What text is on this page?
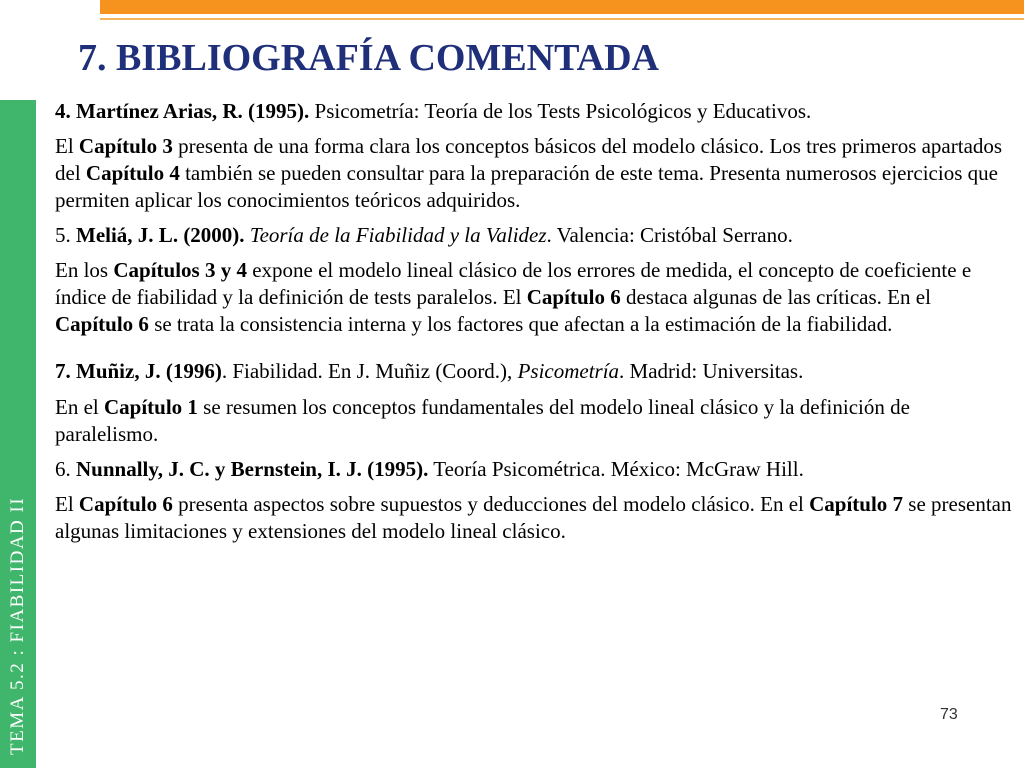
TEMA 5.2 : FIABILIDAD II
7. BIBLIOGRAFÍA COMENTADA

4. Martínez Arias, R. (1995). Psicometría: Teoría de los Tests Psicológicos y Educativos.

El Capítulo 3 presenta de una forma clara los conceptos básicos del modelo clásico. Los tres primeros apartados del Capítulo 4 también se pueden consultar para la preparación de este tema. Presenta numerosos ejercicios que permiten aplicar los conocimientos teóricos adquiridos.

5. Meliá, J. L. (2000). Teoría de la Fiabilidad y la Validez. Valencia: Cristóbal Serrano.

En los Capítulos 3 y 4 expone el modelo lineal clásico de los errores de medida, el concepto de coeficiente e índice de fiabilidad y la definición de tests paralelos. El Capítulo 6 destaca algunas de las críticas. En el Capítulo 6 se trata la consistencia interna y los factores que afectan a la estimación de la fiabilidad.

7. Muñiz, J. (1996). Fiabilidad. En J. Muñiz (Coord.), Psicometría. Madrid: Universitas.

En el Capítulo 1 se resumen los conceptos fundamentales del modelo lineal clásico y la definición de paralelismo.

6. Nunnally, J. C. y Bernstein, I. J. (1995). Teoría Psicométrica. México: McGraw Hill.

El Capítulo 6 presenta aspectos sobre supuestos y deducciones del modelo clásico. En el Capítulo 7 se presentan algunas limitaciones y extensiones del modelo lineal clásico.

73
